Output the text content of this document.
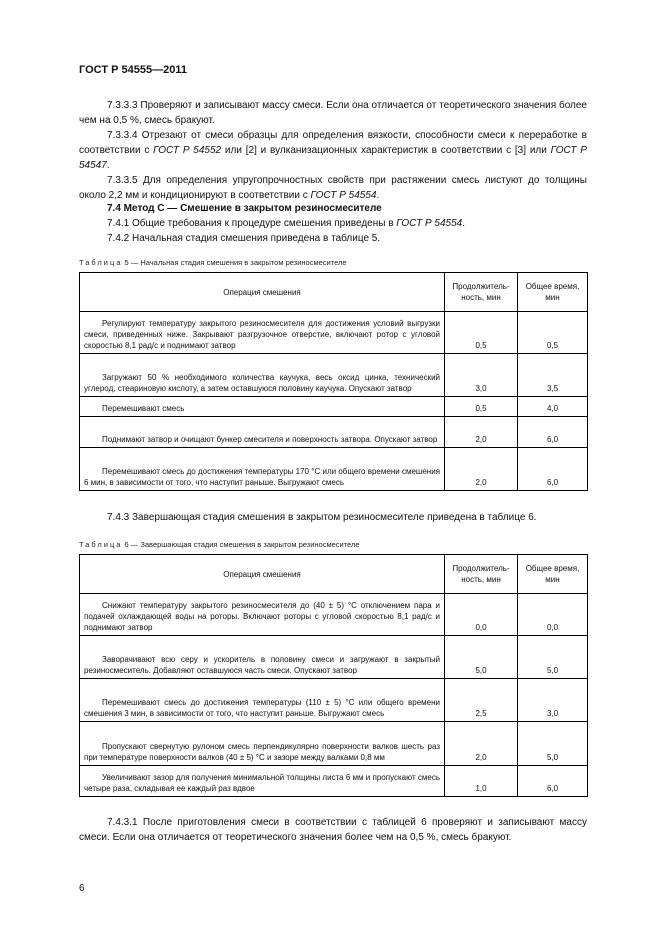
ГОСТ Р 54555—2011
7.3.3.3 Проверяют и записывают массу смеси. Если она отличается от теоретического значения более чем на 0,5 %, смесь бракуют.
7.3.3.4 Отрезают от смеси образцы для определения вязкости, способности смеси к переработке в соответствии с ГОСТ Р 54552 или [2] и вулканизационных характеристик в соответствии с [3] или ГОСТ Р 54547.
7.3.3.5 Для определения упругопрочностных свойств при растяжении смесь листуют до толщины около 2,2 мм и кондиционируют в соответствии с ГОСТ Р 54554.
7.4 Метод С — Смешение в закрытом резиносмесителе
7.4.1 Общие требования к процедуре смешения приведены в ГОСТ Р 54554.
7.4.2 Начальная стадия смешения приведена в таблице 5.
Таблица 5 — Начальная стадия смешения в закрытом резиносмесителе
Операция смешения	Продолжитель-ность, мин	Общее время, мин
Регулируют температуру закрытого резиносмесителя для достижения условий выгрузки смеси, приведенных ниже. Закрывают разгрузочное отверстие, включают ротор с угловой скоростью 8,1 рад/с и поднимают затвор	0,5	0,5
Загружают 50 % необходимого количества каучука, весь оксид цинка, технический углерод, стеариновую кислоту, а затем оставшуюся половину каучука. Опускают затвор	3,0	3,5
Перемешивают смесь	0,5	4,0
Поднимают затвор и очищают бункер смесителя и поверхность затвора. Опускают затвор	2,0	6,0
Перемешивают смесь до достижения температуры 170 °С или общего времени смешения 6 мин, в зависимости от того, что наступит раньше. Выгружают смесь	2,0	6,0
7.4.3 Завершающая стадия смешения в закрытом резиносмесителе приведена в таблице 6.
Таблица 6 — Завершающая стадия смешения в закрытом резиносмесителе
Операция смешения	Продолжитель-ность, мин	Общее время, мин
Снижают температуру закрытого резиносмесителя до (40 ± 5) °С отключением пара и подачей охлаждающей воды на роторы. Включают роторы с угловой скоростью 8,1 рад/с и поднимают затвор	0,0	0,0
Заворачивают всю серу и ускоритель в половину смеси и загружают в закрытый резиносмеситель. Добавляют оставшуюся часть смеси. Опускают затвор	5,0	5,0
Перемешивают смесь до достижения температуры (110 ± 5) °С или общего времени смешения 3 мин, в зависимости от того, что наступит раньше. Выгружают смесь	2,5	3,0
Пропускают свернутую рулоном смесь перпендикулярно поверхности валков шесть раз при температуре поверхности валков (40 ± 5) °С и зазоре между валками 0,8 мм	2,0	5,0
Увеличивают зазор для получения минимальной толщины листа 6 мм и пропускают смесь четыре раза, складывая ее каждый раз вдвое	1,0	6,0
7.4.3.1 После приготовления смеси в соответствии с таблицей 6 проверяют и записывают массу смеси. Если она отличается от теоретического значения более чем на 0,5 %, смесь бракуют.
6
